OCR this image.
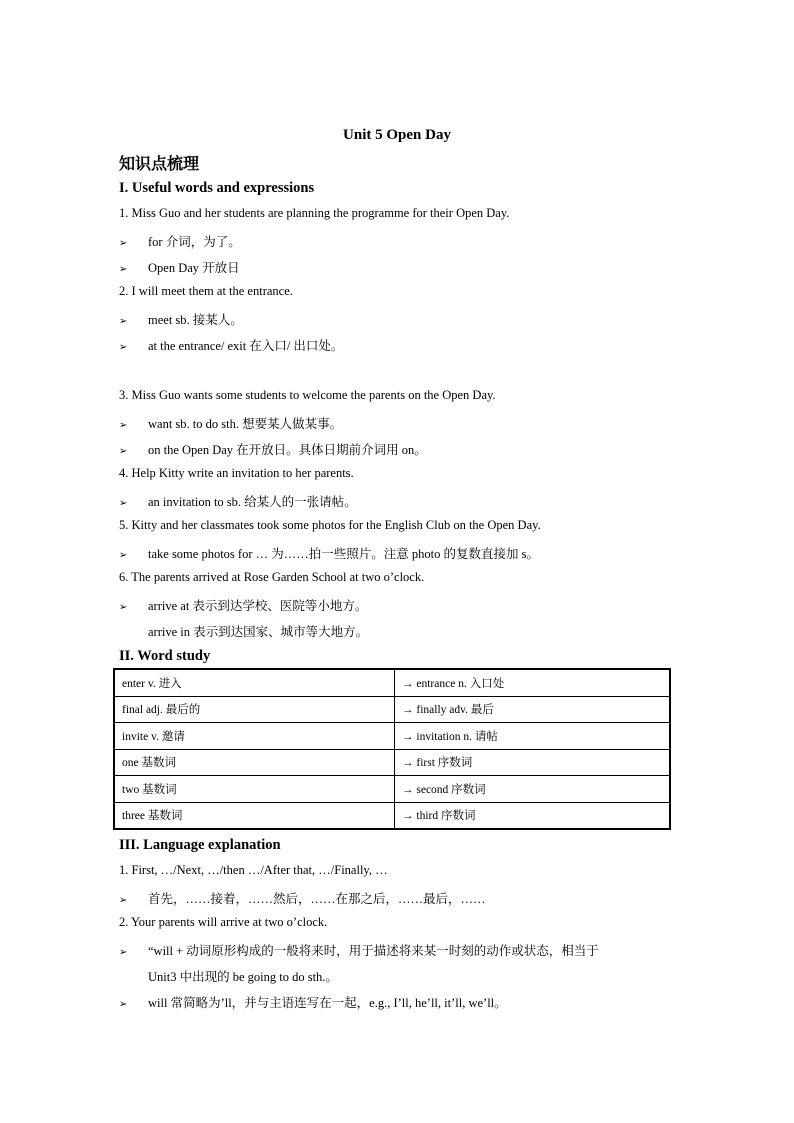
Unit 5 Open Day
知识点梳理
I. Useful words and expressions
1. Miss Guo and her students are planning the programme for their Open Day.
➢ for 介词，为了。
➢ Open Day 开放日
2. I will meet them at the entrance.
➢ meet sb. 接某人。
➢ at the entrance/ exit 在入口/ 出口处。
3. Miss Guo wants some students to welcome the parents on the Open Day.
➢ want sb. to do sth. 想要某人做某事。
➢ on the Open Day 在开放日。具体日期前介词用 on。
4. Help Kitty write an invitation to her parents.
➢ an invitation to sb. 给某人的一张请帖。
5. Kitty and her classmates took some photos for the English Club on the Open Day.
➢ take some photos for … 为……拍一些照片。注意 photo 的复数直接加 s。
6. The parents arrived at Rose Garden School at two o’clock.
➢ arrive at 表示到达学校、医院等小地方。
arrive in 表示到达国家、城市等大地方。
II. Word study
enter v. 进入	→ entrance n. 入口处
final adj. 最后的	→ finally adv. 最后
invite v. 邀请	→ invitation n. 请帖
one 基数词	→ first 序数词
two 基数词	→ second 序数词
three 基数词	→ third 序数词
III. Language explanation
1. First, …/Next, …/then …/After that, …/Finally, …
➢ 首先，……接着，……然后，……在那之后，……最后，……
2. Your parents will arrive at two o’clock.
➢ “will + 动词原形构成的一般将来时，用于描述将来某一时刻的动作或状态，相当于
Unit3 中出现的 be going to do sth.。
➢ will 常简略为’ll，并与主语连写在一起，e.g., I’ll, he’ll, it’ll, we’ll。
